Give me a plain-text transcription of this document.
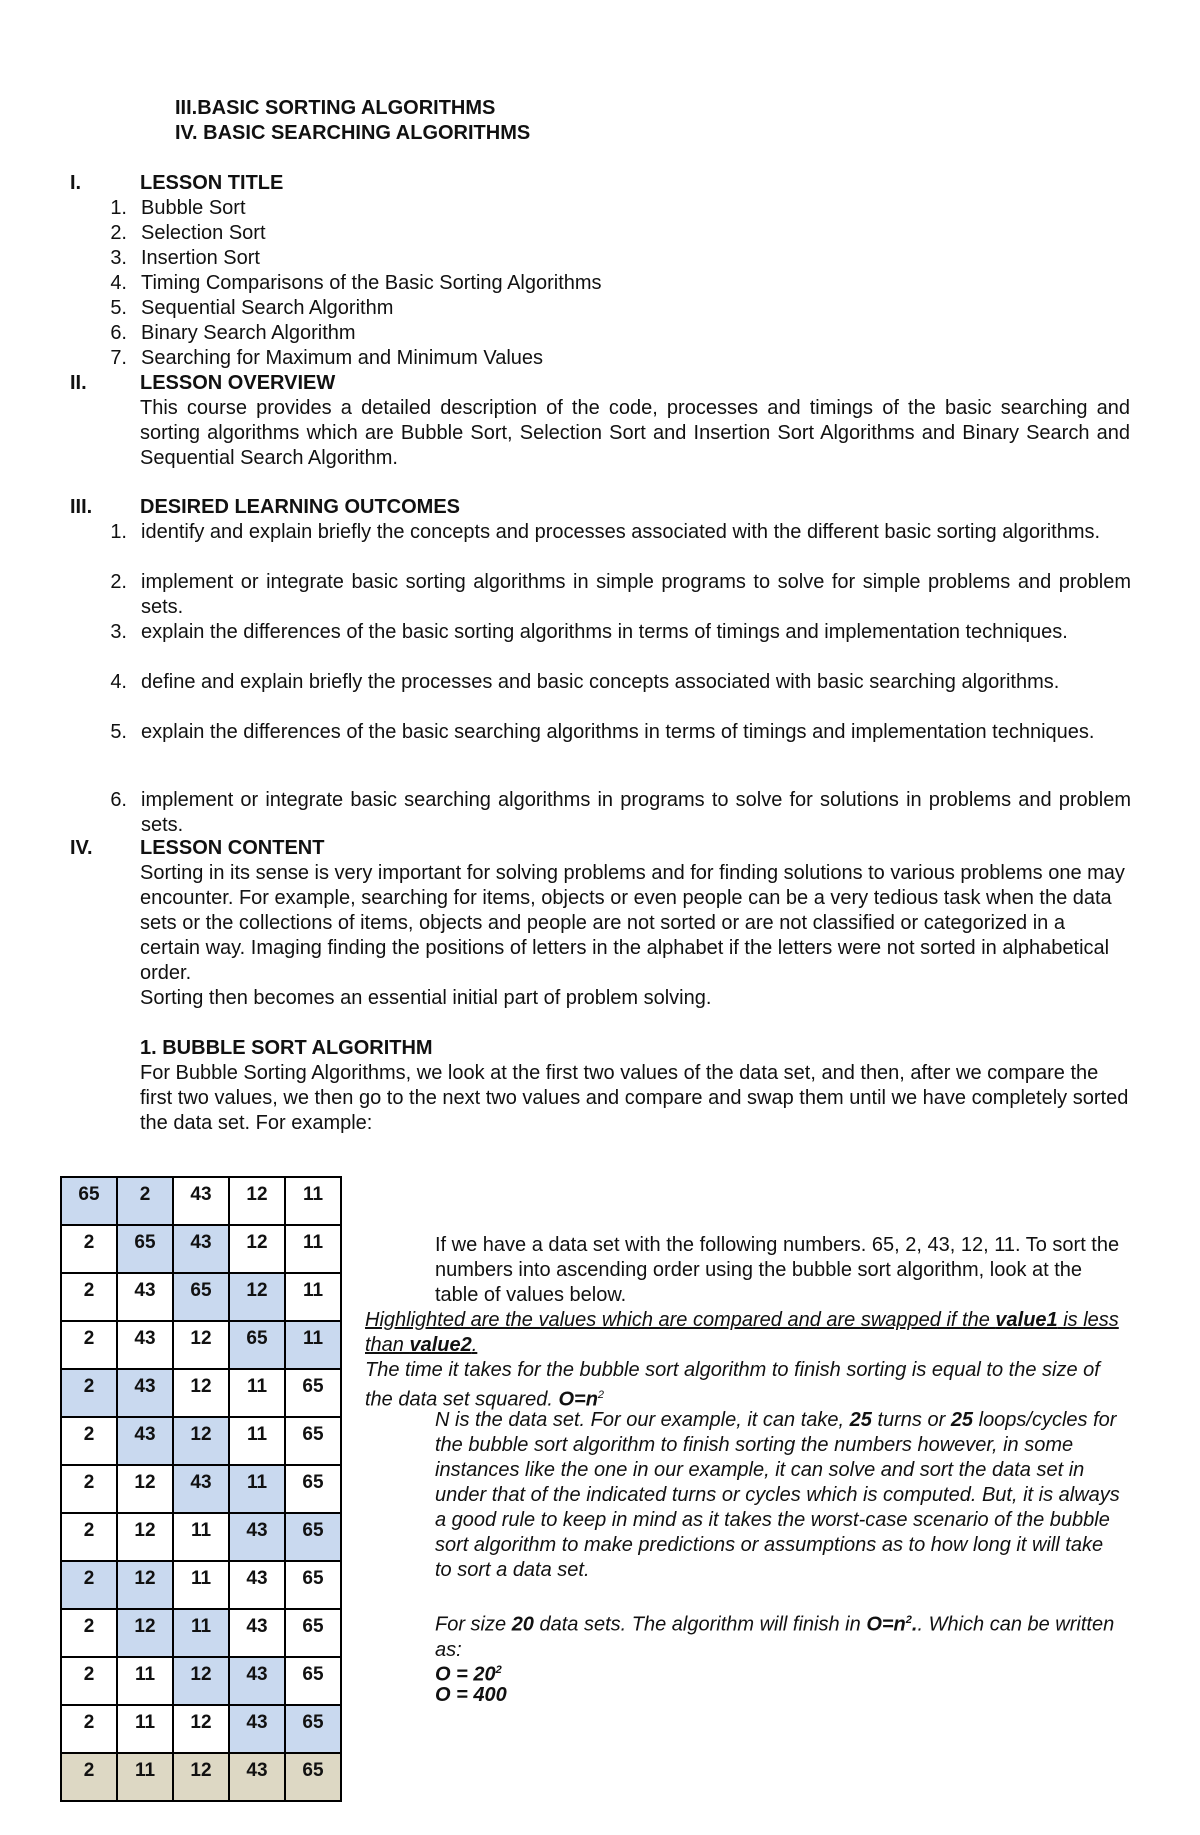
III.BASIC SORTING ALGORITHMS
IV. BASIC SEARCHING ALGORITHMS
I.	LESSON TITLE
1. Bubble Sort
2. Selection Sort
3. Insertion Sort
4. Timing Comparisons of the Basic Sorting Algorithms
5. Sequential Search Algorithm
6. Binary Search Algorithm
7. Searching for Maximum and Minimum Values
II.	LESSON OVERVIEW
This course provides a detailed description of the code, processes and timings of the basic searching and sorting algorithms which are Bubble Sort, Selection Sort and Insertion Sort Algorithms and Binary Search and Sequential Search Algorithm.
III. DESIRED LEARNING OUTCOMES
1. identify and explain briefly the concepts and processes associated with the different basic sorting algorithms.
2. implement or integrate basic sorting algorithms in simple programs to solve for simple problems and problem sets.
3. explain the differences of the basic sorting algorithms in terms of timings and implementation techniques.
4. define and explain briefly the processes and basic concepts associated with basic searching algorithms.
5. explain the differences of the basic searching algorithms in terms of timings and implementation techniques.
6. implement or integrate basic searching algorithms in programs to solve for solutions in problems and problem sets.
IV. LESSON CONTENT
Sorting in its sense is very important for solving problems and for finding solutions to various problems one may encounter. For example, searching for items, objects or even people can be a very tedious task when the data sets or the collections of items, objects and people are not sorted or are not classified or categorized in a certain way. Imaging finding the positions of letters in the alphabet if the letters were not sorted in alphabetical order.
Sorting then becomes an essential initial part of problem solving.
1. BUBBLE SORT ALGORITHM
For Bubble Sorting Algorithms, we look at the first two values of the data set, and then, after we compare the first two values, we then go to the next two values and compare and swap them until we have completely sorted the data set. For example:
65	2	43	12	11
2	65	43	12	11
2	43	65	12	11
2	43	12	65	11
2	43	12	11	65
2	43	12	11	65
2	12	43	11	65
2	12	11	43	65
2	12	11	43	65
2	12	11	43	65
2	11	12	43	65
2	11	12	43	65
2	11	12	43	65
If we have a data set with the following numbers. 65, 2, 43, 12, 11. To sort the numbers into ascending order using the bubble sort algorithm, look at the table of values below.
Highlighted are the values which are compared and are swapped if the value1 is less than value2.
The time it takes for the bubble sort algorithm to finish sorting is equal to the size of the data set squared. $O=n^2$
N is the data set. For our example, it can take, 25 turns or 25 loops/cycles for the bubble sort algorithm to finish sorting the numbers however, in some instances like the one in our example, it can solve and sort the data set in under that of the indicated turns or cycles which is computed. But, it is always a good rule to keep in mind as it takes the worst-case scenario of the bubble sort algorithm to make predictions or assumptions as to how long it will take to sort a data set.
For size 20 data sets. The algorithm will finish in $O=n^2$.. Which can be written as:
$O = 20^2$
O = 400
